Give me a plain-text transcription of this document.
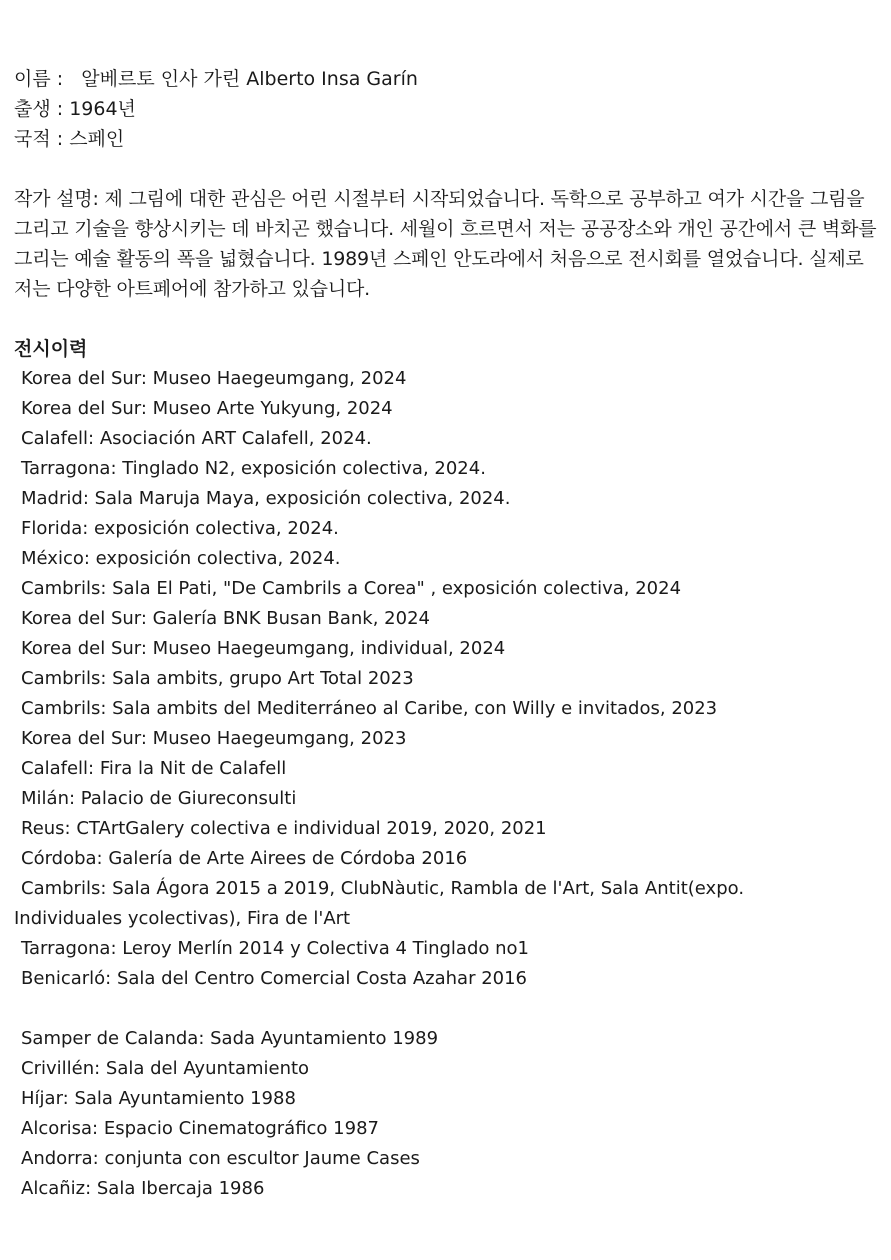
이름 : 알베르토 인사 가린 Alberto Insa Garín
출생 : 1964년
국적 : 스페인
작가 설명: 제 그림에 대한 관심은 어린 시절부터 시작되었습니다. 독학으로 공부하고 여가 시간을 그림을 그리고 기술을 향상시키는 데 바치곤 했습니다. 세월이 흐르면서 저는 공공장소와 개인 공간에서 큰 벽화를 그리는 예술 활동의 폭을 넓혔습니다. 1989년 스페인 안도라에서 처음으로 전시회를 열었습니다. 실제로 저는 다양한 아트페어에 참가하고 있습니다.
전시이력
Korea del Sur: Museo Haegeumgang, 2024
Korea del Sur: Museo Arte Yukyung, 2024
Calafell: Asociación ART Calafell, 2024.
Tarragona: Tinglado N2, exposición colectiva, 2024.
Madrid: Sala Maruja Maya, exposición colectiva, 2024.
Florida: exposición colectiva, 2024.
México: exposición colectiva, 2024.
Cambrils: Sala El Pati, "De Cambrils a Corea" , exposición colectiva, 2024
Korea del Sur: Galería BNK Busan Bank, 2024
Korea del Sur: Museo Haegeumgang, individual, 2024
Cambrils: Sala ambits, grupo Art Total 2023
Cambrils: Sala ambits del Mediterráneo al Caribe, con Willy e invitados, 2023
Korea del Sur: Museo Haegeumgang, 2023
Calafell: Fira la Nit de Calafell
Milán: Palacio de Giureconsulti
Reus: CTArtGalery colectiva e individual 2019, 2020, 2021
Córdoba: Galería de Arte Airees de Córdoba 2016
Cambrils: Sala Ágora 2015 a 2019, ClubNàutic, Rambla de l'Art, Sala Antit(expo.
Individuales ycolectivas), Fira de l'Art
Tarragona: Leroy Merlín 2014 y Colectiva 4 Tinglado no1
Benicarló: Sala del Centro Comercial Costa Azahar 2016
Samper de Calanda: Sada Ayuntamiento 1989
Crivillén: Sala del Ayuntamiento
Híjar: Sala Ayuntamiento 1988
Alcorisa: Espacio Cinematográfico 1987
Andorra: conjunta con escultor Jaume Cases
Alcañiz: Sala Ibercaja 1986
